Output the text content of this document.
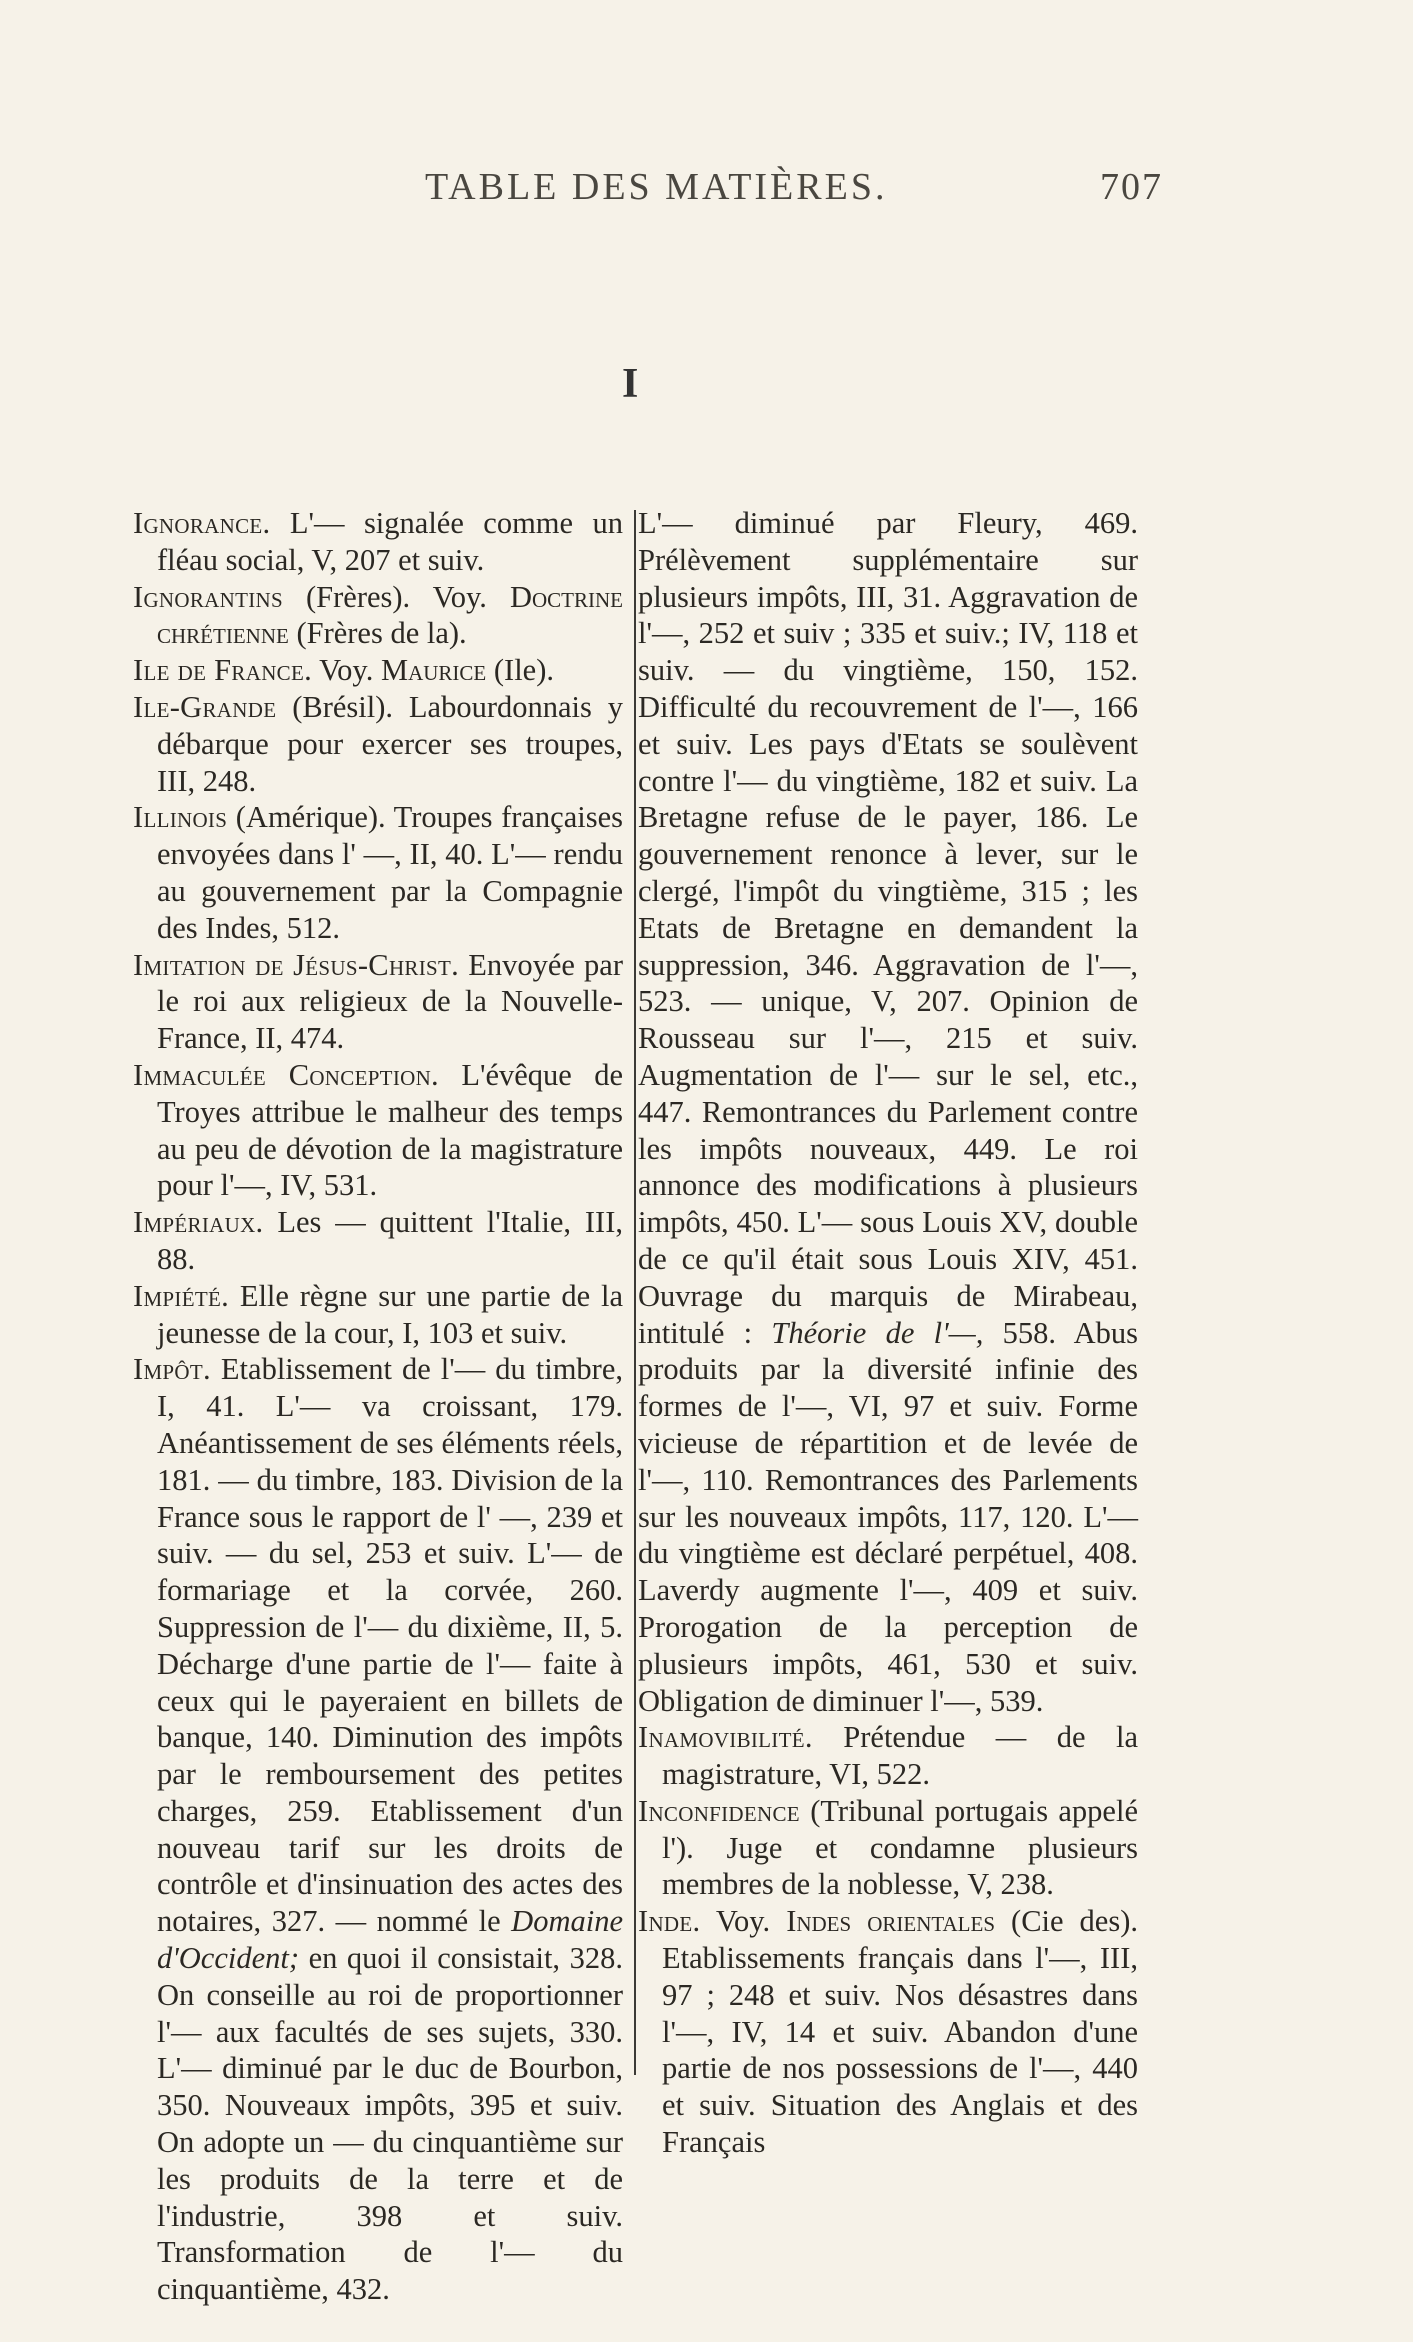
TABLE DES MATIÈRES.	707
I

Ignorance. L'— signalée comme un fléau social, V, 207 et suiv.

Ignorantins (Frères). Voy. Doctrine chrétienne (Frères de la).

Ile de France. Voy. Maurice (Ile).

Ile-Grande (Brésil). Labourdonnais y débarque pour exercer ses troupes, III, 248.

Illinois (Amérique). Troupes françaises envoyées dans l' —, II, 40. L'— rendu au gouvernement par la Compagnie des Indes, 512.

Imitation de Jésus-Christ. Envoyée par le roi aux religieux de la Nouvelle-France, II, 474.

Immaculée Conception. L'évêque de Troyes attribue le malheur des temps au peu de dévotion de la magistrature pour l'—, IV, 531.

Impériaux. Les — quittent l'Italie, III, 88.

Impiété. Elle règne sur une partie de la jeunesse de la cour, I, 103 et suiv.

Impôt. Etablissement de l'— du timbre, I, 41. L'— va croissant, 179. Anéantissement de ses éléments réels, 181. — du timbre, 183. Division de la France sous le rapport de l' —, 239 et suiv. — du sel, 253 et suiv. L'— de formariage et la corvée, 260. Suppression de l'— du dixième, II, 5. Décharge d'une partie de l'— faite à ceux qui le payeraient en billets de banque, 140. Diminution des impôts par le remboursement des petites charges, 259. Etablissement d'un nouveau tarif sur les droits de contrôle et d'insinuation des actes des notaires, 327. — nommé le Domaine d'Occident; en quoi il consistait, 328. On conseille au roi de proportionner l'— aux facultés de ses sujets, 330. L'— diminué par le duc de Bourbon, 350. Nouveaux impôts, 395 et suiv. On adopte un — du cinquantième sur les produits de la terre et de l'industrie, 398 et suiv. Transformation de l'— du cinquantième, 432.

L'— diminué par Fleury, 469. Prélèvement supplémentaire sur plusieurs impôts, III, 31. Aggravation de l'—, 252 et suiv ; 335 et suiv.; IV, 118 et suiv. — du vingtième, 150, 152. Difficulté du recouvrement de l'—, 166 et suiv. Les pays d'Etats se soulèvent contre l'— du vingtième, 182 et suiv. La Bretagne refuse de le payer, 186. Le gouvernement renonce à lever, sur le clergé, l'impôt du vingtième, 315 ; les Etats de Bretagne en demandent la suppression, 346. Aggravation de l'—, 523. — unique, V, 207. Opinion de Rousseau sur l'—, 215 et suiv. Augmentation de l'— sur le sel, etc., 447. Remontrances du Parlement contre les impôts nouveaux, 449. Le roi annonce des modifications à plusieurs impôts, 450. L'— sous Louis XV, double de ce qu'il était sous Louis XIV, 451. Ouvrage du marquis de Mirabeau, intitulé : Théorie de l'—, 558. Abus produits par la diversité infinie des formes de l'—, VI, 97 et suiv. Forme vicieuse de répartition et de levée de l'—, 110. Remontrances des Parlements sur les nouveaux impôts, 117, 120. L'— du vingtième est déclaré perpétuel, 408. Laverdy augmente l'—, 409 et suiv. Prorogation de la perception de plusieurs impôts, 461, 530 et suiv. Obligation de diminuer l'—, 539.

Inamovibilité. Prétendue — de la magistrature, VI, 522.

Inconfidence (Tribunal portugais appelé l'). Juge et condamne plusieurs membres de la noblesse, V, 238.

Inde. Voy. Indes orientales (Cie des). Etablissements français dans l'—, III, 97 ; 248 et suiv. Nos désastres dans l'—, IV, 14 et suiv. Abandon d'une partie de nos possessions de l'—, 440 et suiv. Situation des Anglais et des Français
